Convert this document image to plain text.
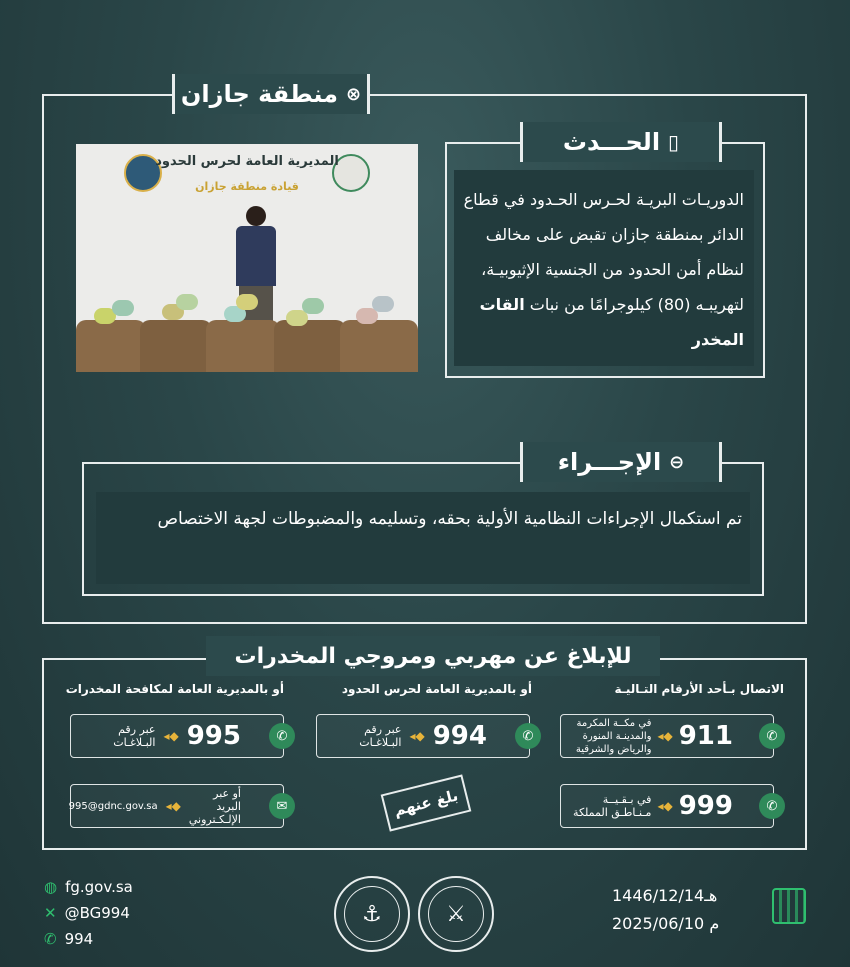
منطقة جازان ⊗
المديرية العامة لحرس الحدود
قيادة منطقة جازان
الحـــدث ▯
الدوريـات البريـة لحـرس الحـدود في قطاع الدائر بمنطقة جازان تقبض على مخالف لنظام أمن الحدود من الجنسية الإثيوبيـة، لتهريبـه (80) كيلوجرامًا من نبات القات المخدر
الإجـــراء ⊖
تم استكمال الإجراءات النظامية الأولية بحقه، وتسليمه والمضبوطات لجهة الاختصاص
للإبلاغ عن مهربي ومروجي المخدرات
الاتصال بـأحد الأرقام التـاليـة
أو بالمديرية العامة لحرس الحدود
أو بالمديرية العامة لمكافحة المخدرات
في مكــة المكرمة والمدينـة المنورة والرياض والشرقية
◂◆ 911	✆
في بـقـيــة مـنـاطـق المملكة ◂◆ 999	✆
عبر رقم البـلاغـات ◂◆ 994	✆
عبر رقم البـلاغـات ◂◆ 995	✆
995@gdnc.gov.sa ◂◆
أو عبر البريد الإلـكـتروني
✉	بلغ عنهم
◍ fg.gov.sa
✕ @BG994
✆ 994
⚓	⚔
1446/12/14هـ
2025/06/10 م
